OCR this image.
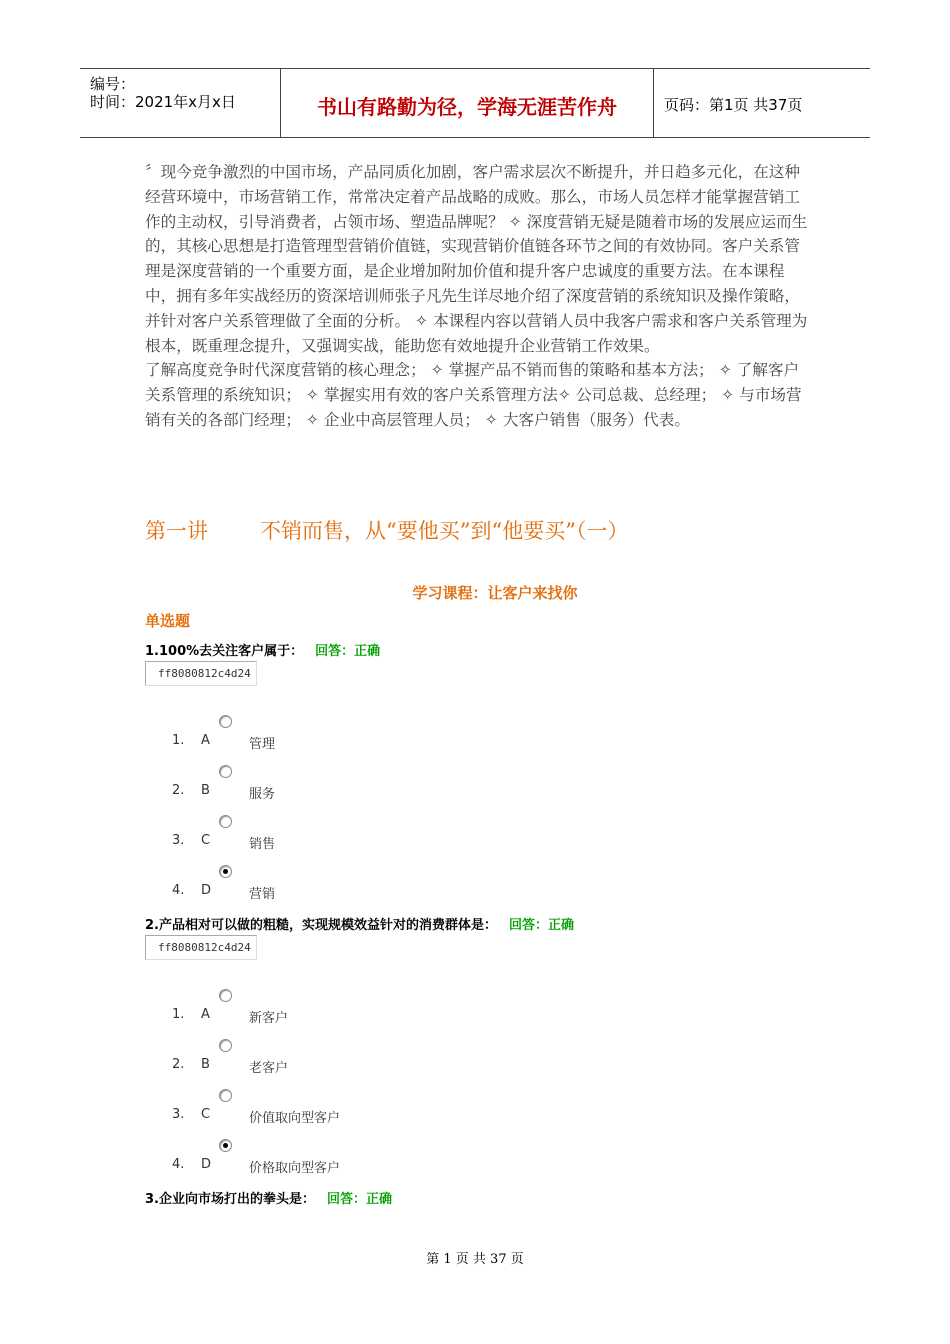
编号：
时间：2021年x月x日	书山有路勤为径，学海无涯苦作舟	页码：第1页 共37页

〞现今竞争激烈的中国市场，产品同质化加剧，客户需求层次不断提升，并日趋多元化，在这种经营环境中，市场营销工作，常常决定着产品战略的成败。那么，市场人员怎样才能掌握营销工作的主动权，引导消费者，占领市场、塑造品牌呢？ ✧ 深度营销无疑是随着市场的发展应运而生的，其核心思想是打造管理型营销价值链，实现营销价值链各环节之间的有效协同。客户关系管理是深度营销的一个重要方面，是企业增加附加价值和提升客户忠诚度的重要方法。在本课程中，拥有多年实战经历的资深培训师张子凡先生详尽地介绍了深度营销的系统知识及操作策略，并针对客户关系管理做了全面的分析。 ✧ 本课程内容以营销人员中我客户需求和客户关系管理为根本，既重理念提升，又强调实战，能助您有效地提升企业营销工作效果。

了解高度竞争时代深度营销的核心理念； ✧ 掌握产品不销而售的策略和基本方法； ✧ 了解客户关系管理的系统知识； ✧ 掌握实用有效的客户关系管理方法✧ 公司总裁、总经理； ✧ 与市场营销有关的各部门经理； ✧ 企业中高层管理人员； ✧ 大客户销售（服务）代表。

第一讲 不销而售，从“要他买”到“他要买”（一）
学习课程：让客户来找你
单选题
1.100%去关注客户属于： 回答：正确
ff8080812c4d24
1. A	管理
2. B	服务
3. C	销售
4. D	营销
2.产品相对可以做的粗糙，实现规模效益针对的消费群体是： 回答：正确
ff8080812c4d24
1. A	新客户
2. B	老客户
3. C	价值取向型客户
4. D	价格取向型客户
3.企业向市场打出的拳头是： 回答：正确
第 1 页 共 37 页
